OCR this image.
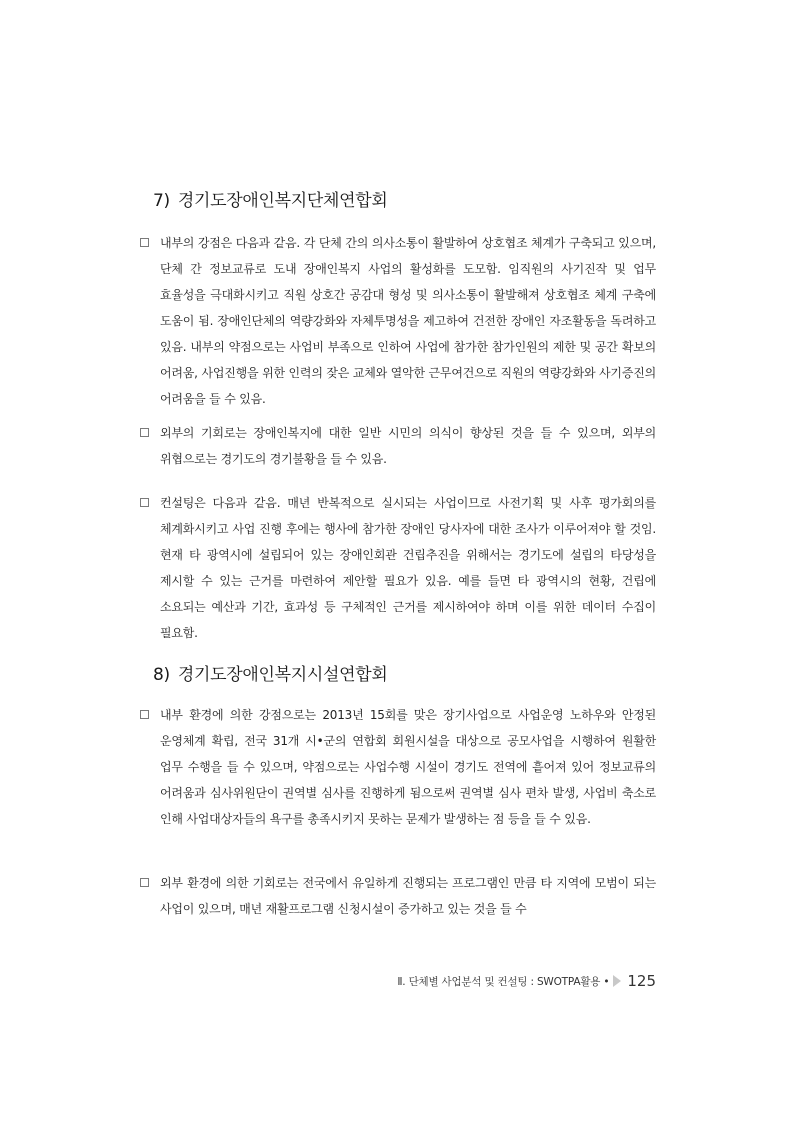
7) 경기도장애인복지단체연합회

내부의 강점은 다음과 같음. 각 단체 간의 의사소통이 활발하여 상호협조 체계가 구축되고 있으며, 단체 간 정보교류로 도내 장애인복지 사업의 활성화를 도모함. 임직원의 사기진작 및 업무 효율성을 극대화시키고 직원 상호간 공감대 형성 및 의사소통이 활발해져 상호협조 체계 구축에 도움이 됨. 장애인단체의 역량강화와 자체투명성을 제고하여 건전한 장애인 자조활동을 독려하고 있음. 내부의 약점으로는 사업비 부족으로 인하여 사업에 참가한 참가인원의 제한 및 공간 확보의 어려움, 사업진행을 위한 인력의 잦은 교체와 열악한 근무여건으로 직원의 역량강화와 사기증진의 어려움을 들 수 있음.

외부의 기회로는 장애인복지에 대한 일반 시민의 의식이 향상된 것을 들 수 있으며, 외부의 위협으로는 경기도의 경기불황을 들 수 있음.

컨설팅은 다음과 같음. 매년 반복적으로 실시되는 사업이므로 사전기획 및 사후 평가회의를 체계화시키고 사업 진행 후에는 행사에 참가한 장애인 당사자에 대한 조사가 이루어져야 할 것임. 현재 타 광역시에 설립되어 있는 장애인회관 건립추진을 위해서는 경기도에 설립의 타당성을 제시할 수 있는 근거를 마련하여 제안할 필요가 있음. 예를 들면 타 광역시의 현황, 건립에 소요되는 예산과 기간, 효과성 등 구체적인 근거를 제시하여야 하며 이를 위한 데이터 수집이 필요함.

8) 경기도장애인복지시설연합회

내부 환경에 의한 강점으로는 2013년 15회를 맞은 장기사업으로 사업운영 노하우와 안정된 운영체계 확립, 전국 31개 시•군의 연합회 회원시설을 대상으로 공모사업을 시행하여 원활한 업무 수행을 들 수 있으며, 약점으로는 사업수행 시설이 경기도 전역에 흩어져 있어 정보교류의 어려움과 심사위원단이 권역별 심사를 진행하게 됨으로써 권역별 심사 편차 발생, 사업비 축소로 인해 사업대상자들의 욕구를 총족시키지 못하는 문제가 발생하는 점 등을 들 수 있음.

외부 환경에 의한 기회로는 전국에서 유일하게 진행되는 프로그램인 만큼 타 지역에 모범이 되는 사업이 있으며, 매년 재활프로그램 신청시설이 증가하고 있는 것을 들 수

Ⅱ. 단체별 사업분석 및 컨설팅 : SWOTPA활용 • 125
